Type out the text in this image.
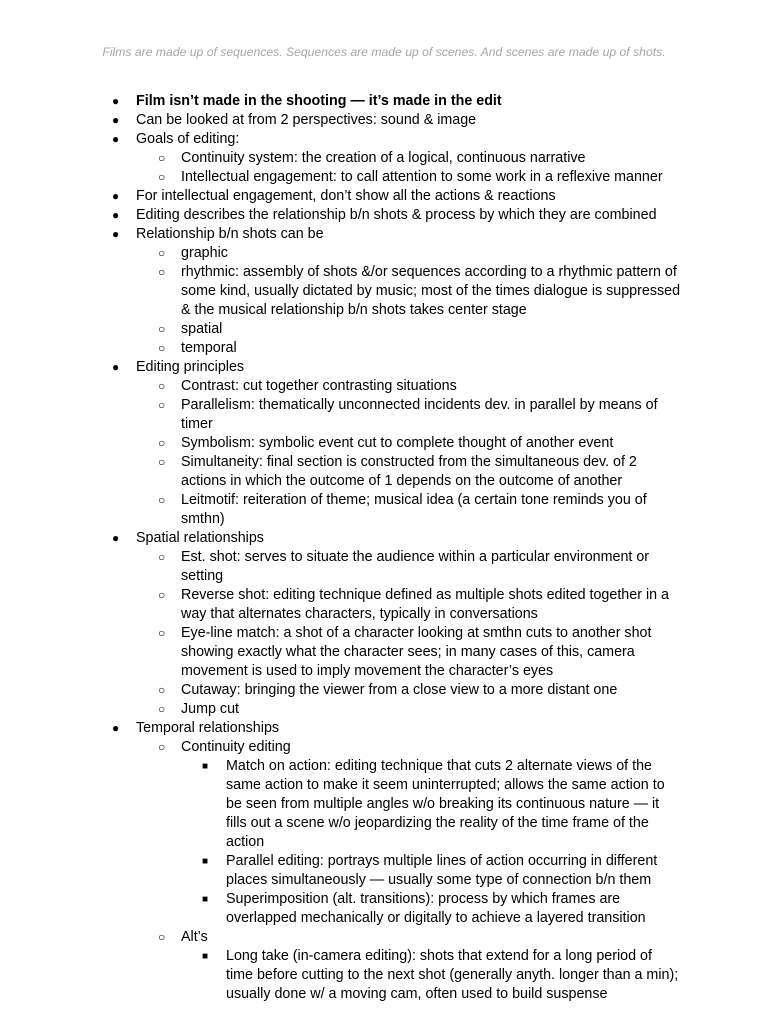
Films are made up of sequences. Sequences are made up of scenes. And scenes are made up of shots.
● Film isn’t made in the shooting — it’s made in the edit
● Can be looked at from 2 perspectives: sound & image
● Goals of editing:
○ Continuity system: the creation of a logical, continuous narrative
○ Intellectual engagement: to call attention to some work in a reflexive manner
● For intellectual engagement, don’t show all the actions & reactions
● Editing describes the relationship b/n shots & process by which they are combined
● Relationship b/n shots can be
○ graphic
○ rhythmic: assembly of shots &/or sequences according to a rhythmic pattern of some kind, usually dictated by music; most of the times dialogue is suppressed & the musical relationship b/n shots takes center stage
○ spatial
○ temporal
● Editing principles
○ Contrast: cut together contrasting situations
○ Parallelism: thematically unconnected incidents dev. in parallel by means of timer
○ Symbolism: symbolic event cut to complete thought of another event
○ Simultaneity: final section is constructed from the simultaneous dev. of 2 actions in which the outcome of 1 depends on the outcome of another
○ Leitmotif: reiteration of theme; musical idea (a certain tone reminds you of smthn)
● Spatial relationships
○ Est. shot: serves to situate the audience within a particular environment or setting
○ Reverse shot: editing technique defined as multiple shots edited together in a way that alternates characters, typically in conversations
○ Eye-line match: a shot of a character looking at smthn cuts to another shot showing exactly what the character sees; in many cases of this, camera movement is used to imply movement the character’s eyes
○ Cutaway: bringing the viewer from a close view to a more distant one
○ Jump cut
● Temporal relationships
○ Continuity editing
■ Match on action: editing technique that cuts 2 alternate views of the same action to make it seem uninterrupted; allows the same action to be seen from multiple angles w/o breaking its continuous nature — it fills out a scene w/o jeopardizing the reality of the time frame of the action
■ Parallel editing: portrays multiple lines of action occurring in different places simultaneously — usually some type of connection b/n them
■ Superimposition (alt. transitions): process by which frames are overlapped mechanically or digitally to achieve a layered transition
○ Alt’s
■ Long take (in-camera editing): shots that extend for a long period of time before cutting to the next shot (generally anyth. longer than a min); usually done w/ a moving cam, often used to build suspense
